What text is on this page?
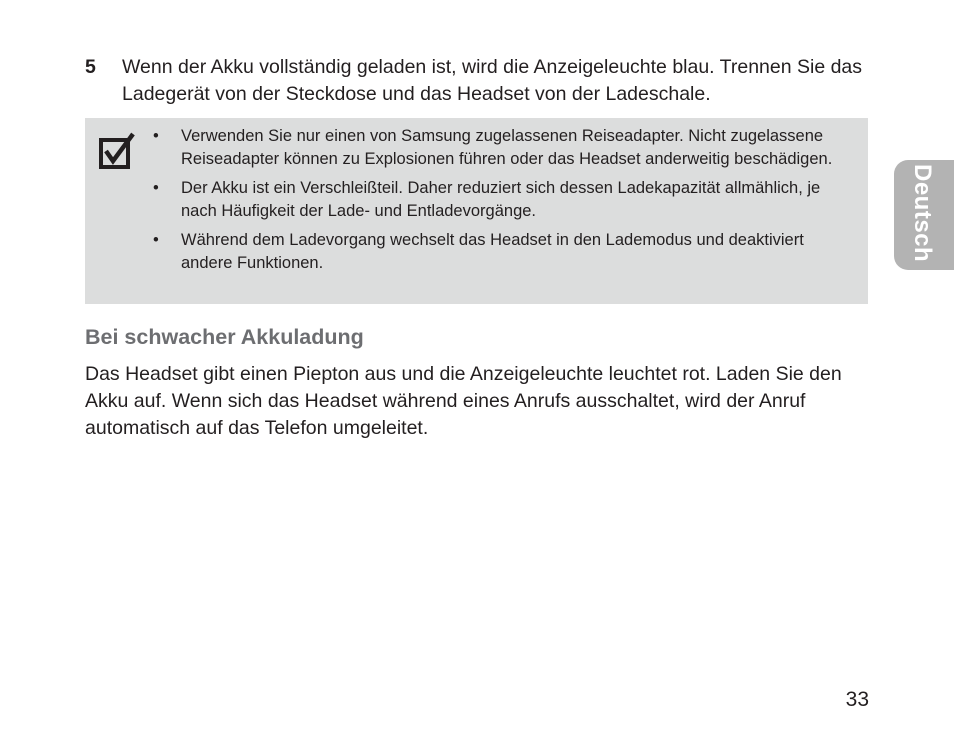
5 Wenn der Akku vollständig geladen ist, wird die Anzeigeleuchte blau. Trennen Sie das Ladegerät von der Steckdose und das Headset von der Ladeschale.
• Verwenden Sie nur einen von Samsung zugelassenen Reiseadapter. Nicht zugelassene Reiseadapter können zu Explosionen führen oder das Headset anderweitig beschädigen.
• Der Akku ist ein Verschleißteil. Daher reduziert sich dessen Ladekapazität allmählich, je nach Häufigkeit der Lade- und Entladevorgänge.
• Während dem Ladevorgang wechselt das Headset in den Lademodus und deaktiviert andere Funktionen.
Bei schwacher Akkuladung

Das Headset gibt einen Piepton aus und die Anzeigeleuchte leuchtet rot. Laden Sie den Akku auf. Wenn sich das Headset während eines Anrufs ausschaltet, wird der Anruf automatisch auf das Telefon umgeleitet.

Deutsch
33
